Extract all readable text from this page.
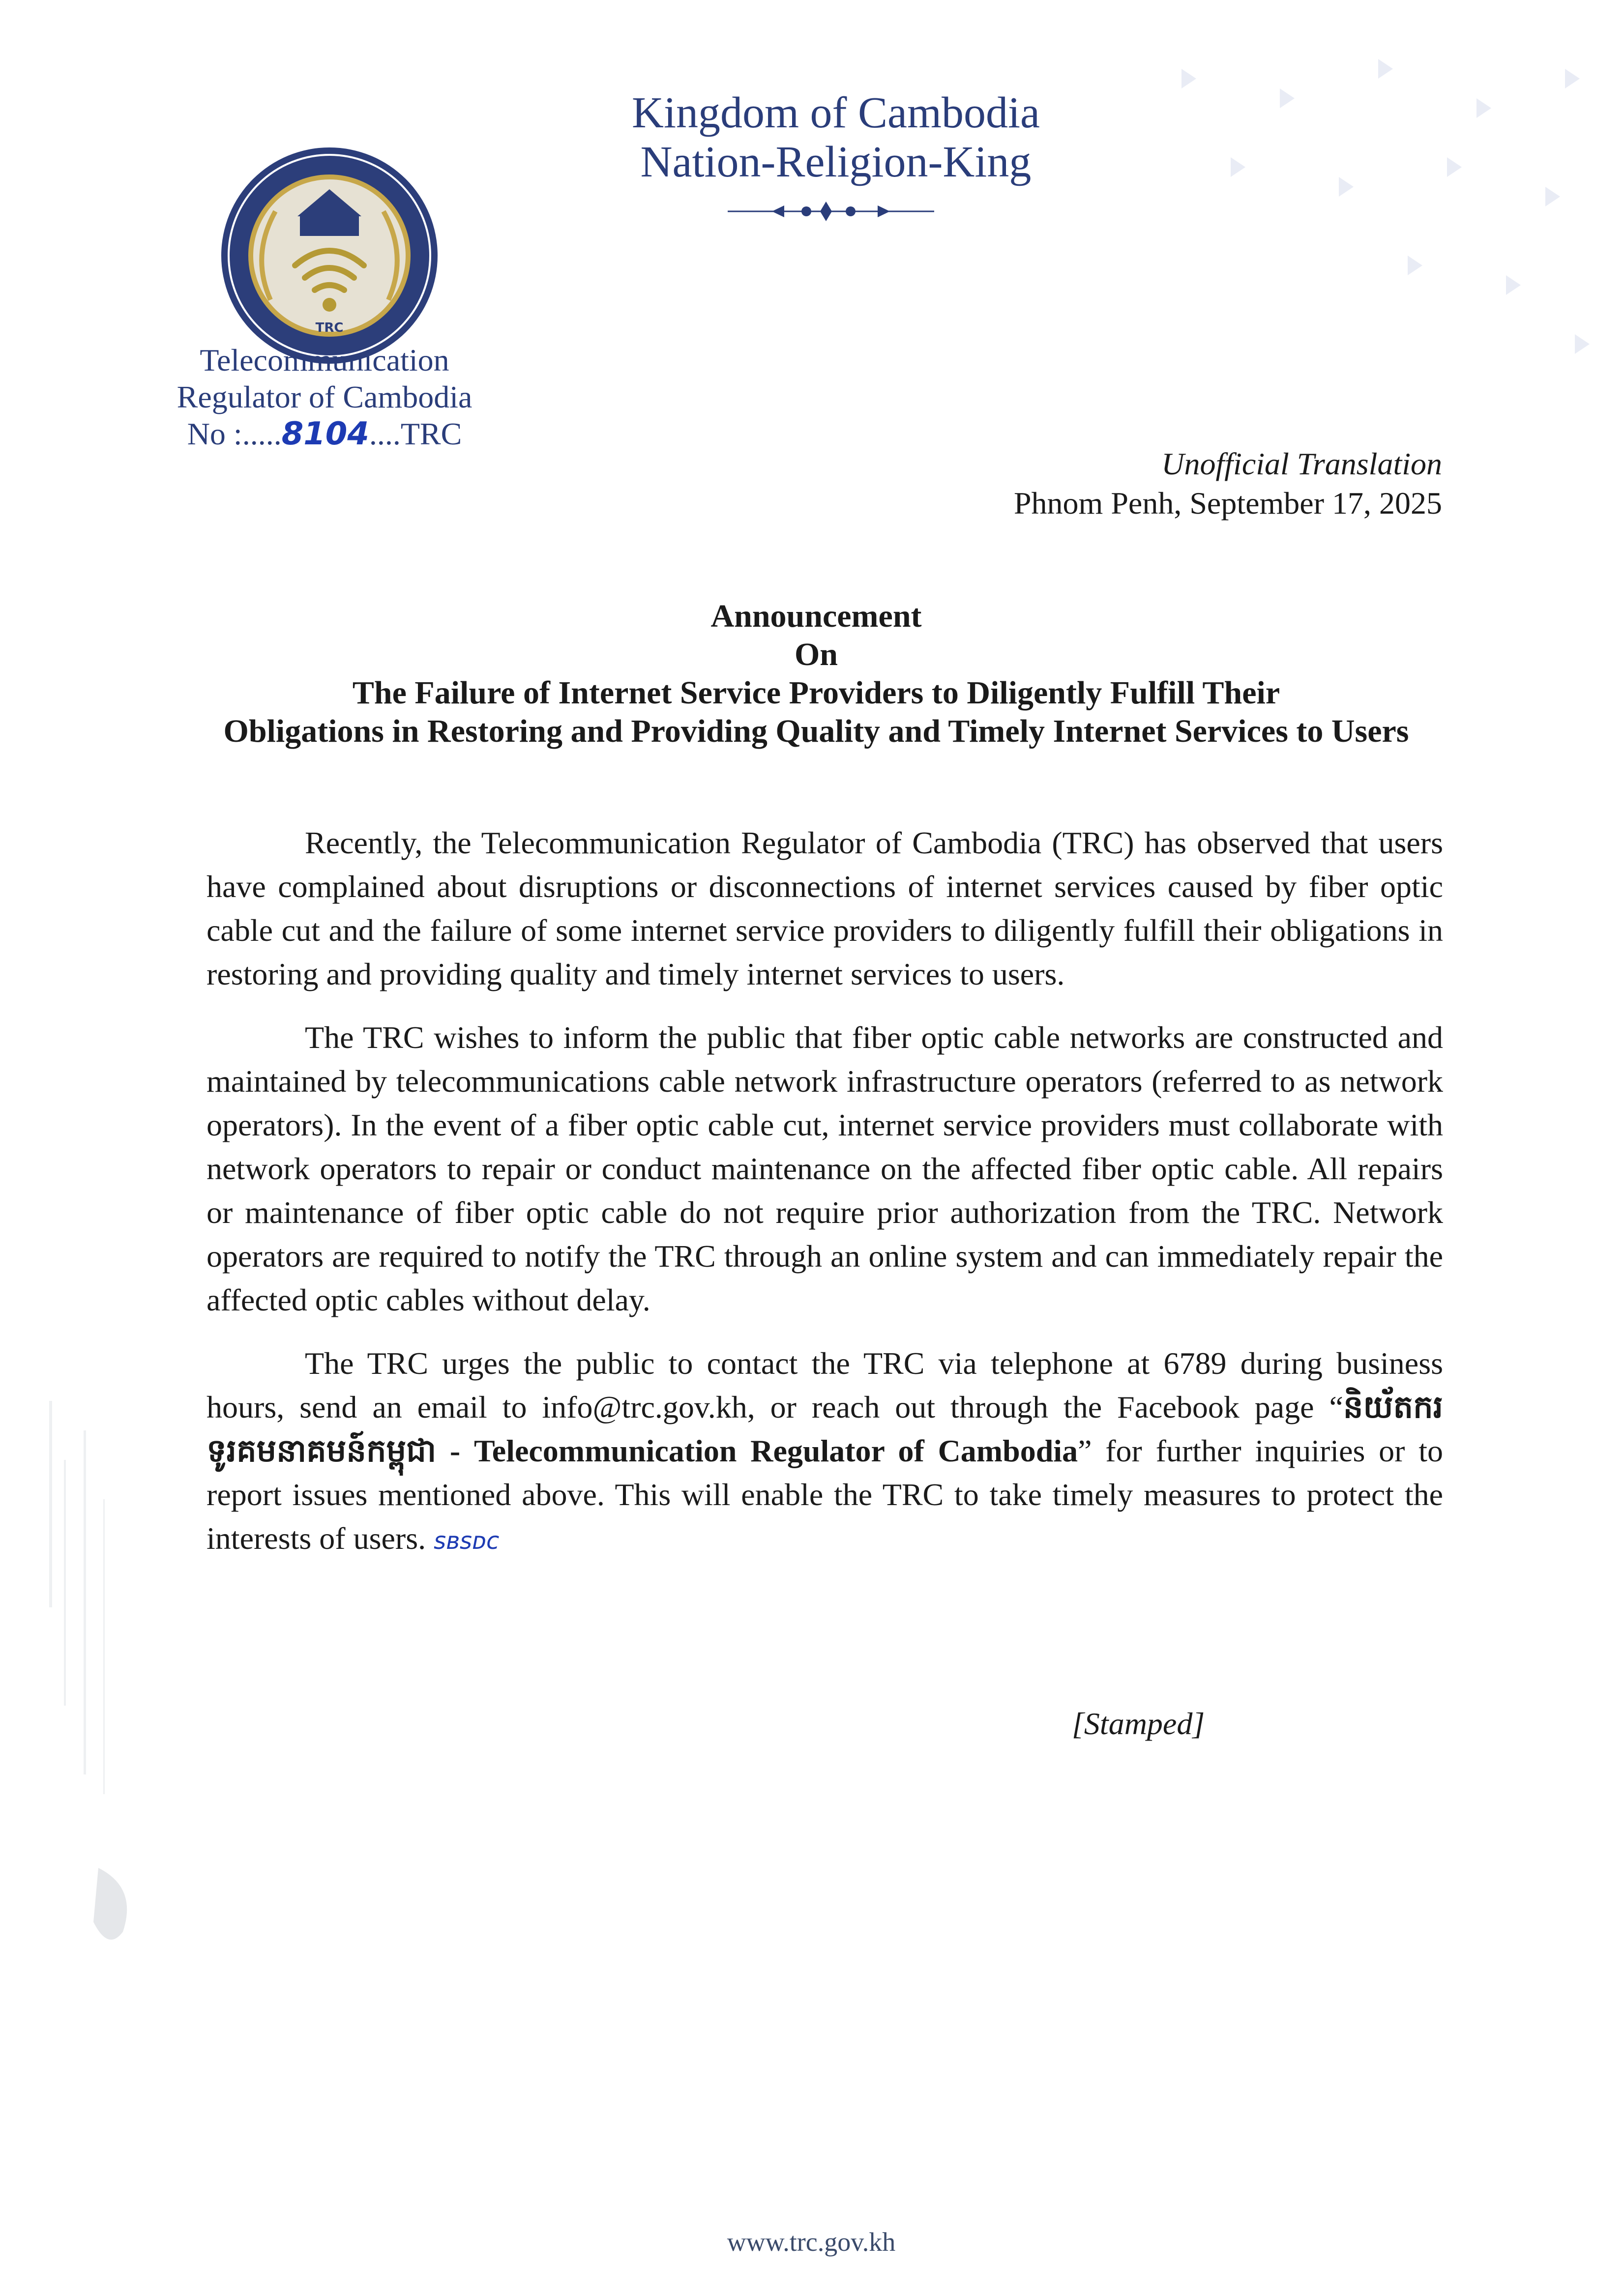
Kingdom of Cambodia
Nation-Religion-King
TRC
Telecommunication
Regulator of Cambodia
No :.....8104....TRC
Unofficial Translation
Phnom Penh, September 17, 2025
Announcement
On
The Failure of Internet Service Providers to Diligently Fulfill Their
Obligations in Restoring and Providing Quality and Timely Internet Services to Users

Recently, the Telecommunication Regulator of Cambodia (TRC) has observed that users have complained about disruptions or disconnections of internet services caused by fiber optic cable cut and the failure of some internet service providers to diligently fulfill their obligations in restoring and providing quality and timely internet services to users.

The TRC wishes to inform the public that fiber optic cable networks are constructed and maintained by telecommunications cable network infrastructure operators (referred to as network operators). In the event of a fiber optic cable cut, internet service providers must collaborate with network operators to repair or conduct maintenance on the affected fiber optic cable. All repairs or maintenance of fiber optic cable do not require prior authorization from the TRC. Network operators are required to notify the TRC through an online system and can immediately repair the affected optic cables without delay.

The TRC urges the public to contact the TRC via telephone at 6789 during business hours, send an email to info@trc.gov.kh, or reach out through the Facebook page “និយ័តករទូរគមនាគមន៍កម្ពុជា - Telecommunication Regulator of Cambodia” for further inquiries or to report issues mentioned above. This will enable the TRC to take timely measures to protect the interests of users. ꜱʙꜱᴅᴄ

[Stamped]
www.trc.gov.kh
